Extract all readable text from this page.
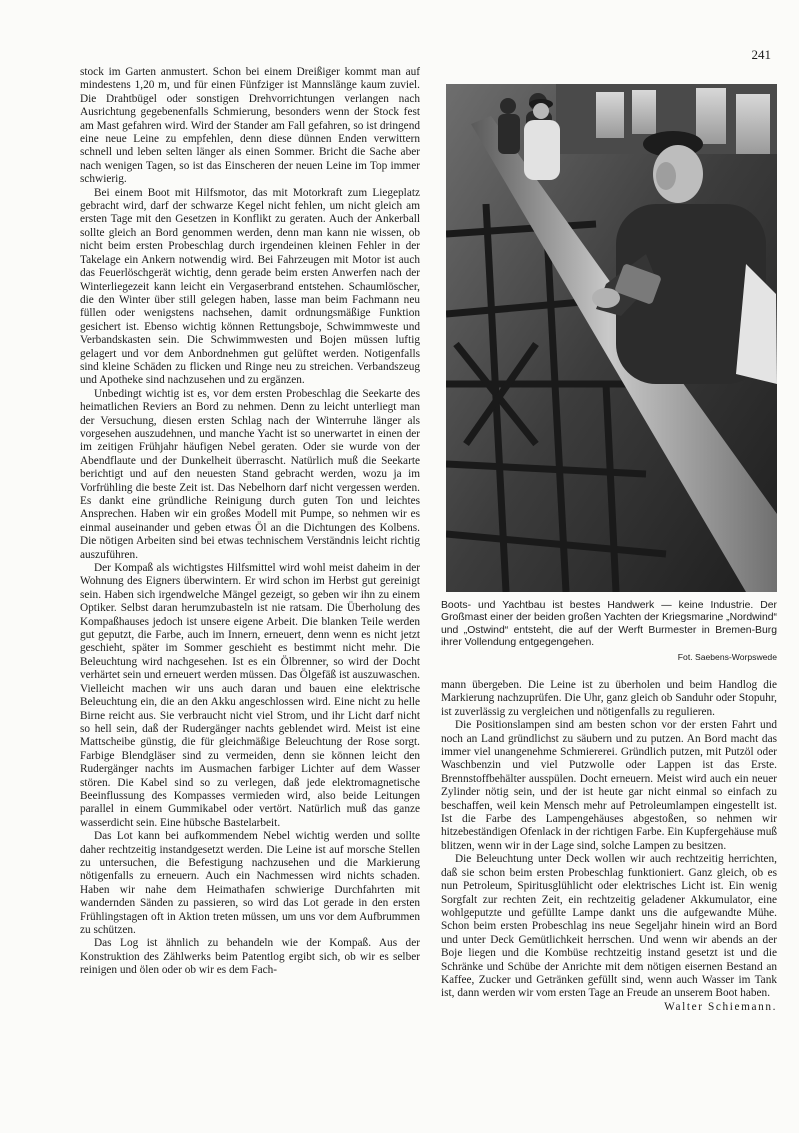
241

stock im Garten anmustert. Schon bei einem Dreißiger kommt man auf mindestens 1,20 m, und für einen Fünfziger ist Mannslänge kaum zuviel. Die Drahtbügel oder sonstigen Drehvorrichtungen verlangen nach Ausrichtung gegebenenfalls Schmierung, besonders wenn der Stock fest am Mast gefahren wird. Wird der Stander am Fall gefahren, so ist dringend eine neue Leine zu empfehlen, denn diese dünnen Enden verwittern schnell und leben selten länger als einen Sommer. Bricht die Sache aber nach wenigen Tagen, so ist das Einscheren der neuen Leine im Top immer schwierig.

Bei einem Boot mit Hilfsmotor, das mit Motorkraft zum Liegeplatz gebracht wird, darf der schwarze Kegel nicht fehlen, um nicht gleich am ersten Tage mit den Gesetzen in Konflikt zu geraten. Auch der Ankerball sollte gleich an Bord genommen werden, denn man kann nie wissen, ob nicht beim ersten Probeschlag durch irgendeinen kleinen Fehler in der Takelage ein Ankern notwendig wird. Bei Fahrzeugen mit Motor ist auch das Feuerlöschgerät wichtig, denn gerade beim ersten Anwerfen nach der Winterliegezeit kann leicht ein Vergaserbrand entstehen. Schaumlöscher, die den Winter über still gelegen haben, lasse man beim Fachmann neu füllen oder wenigstens nachsehen, damit ordnungsmäßige Funktion gesichert ist. Ebenso wichtig können Rettungsboje, Schwimmweste und Verbandskasten sein. Die Schwimmwesten und Bojen müssen luftig gelagert und vor dem Anbordnehmen gut gelüftet werden. Notigenfalls sind kleine Schäden zu flicken und Ringe neu zu streichen. Verbandszeug und Apotheke sind nachzusehen und zu ergänzen.

Unbedingt wichtig ist es, vor dem ersten Probeschlag die Seekarte des heimatlichen Reviers an Bord zu nehmen. Denn zu leicht unterliegt man der Versuchung, diesen ersten Schlag nach der Winterruhe länger als vorgesehen auszudehnen, und manche Yacht ist so unerwartet in einen der im zeitigen Frühjahr häufigen Nebel geraten. Oder sie wurde von der Abendflaute und der Dunkelheit überrascht. Natürlich muß die Seekarte berichtigt und auf den neuesten Stand gebracht werden, wozu ja im Vorfrühling die beste Zeit ist. Das Nebelhorn darf nicht vergessen werden. Es dankt eine gründliche Reinigung durch guten Ton und leichtes Ansprechen. Haben wir ein großes Modell mit Pumpe, so nehmen wir es einmal auseinander und geben etwas Öl an die Dichtungen des Kolbens. Die nötigen Arbeiten sind bei etwas technischem Verständnis leicht richtig auszuführen.

Der Kompaß als wichtigstes Hilfsmittel wird wohl meist daheim in der Wohnung des Eigners überwintern. Er wird schon im Herbst gut gereinigt sein. Haben sich irgendwelche Mängel gezeigt, so geben wir ihn zu einem Optiker. Selbst daran herumzubasteln ist nie ratsam. Die Überholung des Kompaßhauses jedoch ist unsere eigene Arbeit. Die blanken Teile werden gut geputzt, die Farbe, auch im Innern, erneuert, denn wenn es nicht jetzt geschieht, später im Sommer geschieht es bestimmt nicht mehr. Die Beleuchtung wird nachgesehen. Ist es ein Ölbrenner, so wird der Docht verhärtet sein und erneuert werden müssen. Das Ölgefäß ist auszuwaschen. Vielleicht machen wir uns auch daran und bauen eine elektrische Beleuchtung ein, die an den Akku angeschlossen wird. Eine nicht zu helle Birne reicht aus. Sie verbraucht nicht viel Strom, und ihr Licht darf nicht so hell sein, daß der Rudergänger nachts geblendet wird. Meist ist eine Mattscheibe günstig, die für gleichmäßige Beleuchtung der Rose sorgt. Farbige Blendgläser sind zu vermeiden, denn sie können leicht den Rudergänger nachts im Ausmachen farbiger Lichter auf dem Wasser stören. Die Kabel sind so zu verlegen, daß jede elektromagnetische Beeinflussung des Kompasses vermieden wird, also beide Leitungen parallel in einem Gummikabel oder vertört. Natürlich muß das ganze wasserdicht sein. Eine hübsche Bastelarbeit.

Das Lot kann bei aufkommendem Nebel wichtig werden und sollte daher rechtzeitig instandgesetzt werden. Die Leine ist auf morsche Stellen zu untersuchen, die Befestigung nachzusehen und die Markierung nötigenfalls zu erneuern. Auch ein Nachmessen wird nichts schaden. Haben wir nahe dem Heimathafen schwierige Durchfahrten mit wandernden Sänden zu passieren, so wird das Lot gerade in den ersten Frühlingstagen oft in Aktion treten müssen, um uns vor dem Aufbrummen zu schützen.

Das Log ist ähnlich zu behandeln wie der Kompaß. Aus der Konstruktion des Zählwerks beim Patentlog ergibt sich, ob wir es selber reinigen und ölen oder ob wir es dem Fach-

Boots- und Yachtbau ist bestes Handwerk — keine Industrie. Der Großmast einer der beiden großen Yachten der Kriegsmarine „Nordwind“ und „Ostwind“ entsteht, die auf der Werft Burmester in Bremen-Burg ihrer Vollendung entgegengehen.
Fot. Saebens-Worpswede

mann übergeben. Die Leine ist zu überholen und beim Handlog die Markierung nachzuprüfen. Die Uhr, ganz gleich ob Sanduhr oder Stopuhr, ist zuverlässig zu vergleichen und nötigenfalls zu regulieren.

Die Positionslampen sind am besten schon vor der ersten Fahrt und noch an Land gründlichst zu säubern und zu putzen. An Bord macht das immer viel unangenehme Schmiererei. Gründlich putzen, mit Putzöl oder Waschbenzin und viel Putzwolle oder Lappen ist das Erste. Brennstoffbehälter ausspülen. Docht erneuern. Meist wird auch ein neuer Zylinder nötig sein, und der ist heute gar nicht einmal so einfach zu beschaffen, weil kein Mensch mehr auf Petroleumlampen eingestellt ist. Ist die Farbe des Lampengehäuses abgestoßen, so nehmen wir hitzebeständigen Ofenlack in der richtigen Farbe. Ein Kupfergehäuse muß blitzen, wenn wir in der Lage sind, solche Lampen zu besitzen.

Die Beleuchtung unter Deck wollen wir auch rechtzeitig herrichten, daß sie schon beim ersten Probeschlag funktioniert. Ganz gleich, ob es nun Petroleum, Spiritusglühlicht oder elektrisches Licht ist. Ein wenig Sorgfalt zur rechten Zeit, ein rechtzeitig geladener Akkumulator, eine wohlgeputzte und gefüllte Lampe dankt uns die aufgewandte Mühe. Schon beim ersten Probeschlag ins neue Segeljahr hinein wird an Bord und unter Deck Gemütlichkeit herrschen. Und wenn wir abends an der Boje liegen und die Kombüse rechtzeitig instand gesetzt ist und die Schränke und Schübe der Anrichte mit dem nötigen eisernen Bestand an Kaffee, Zucker und Getränken gefüllt sind, wenn auch Wasser im Tank ist, dann werden wir vom ersten Tage an Freude an unserem Boot haben.

Walter Schiemann.
